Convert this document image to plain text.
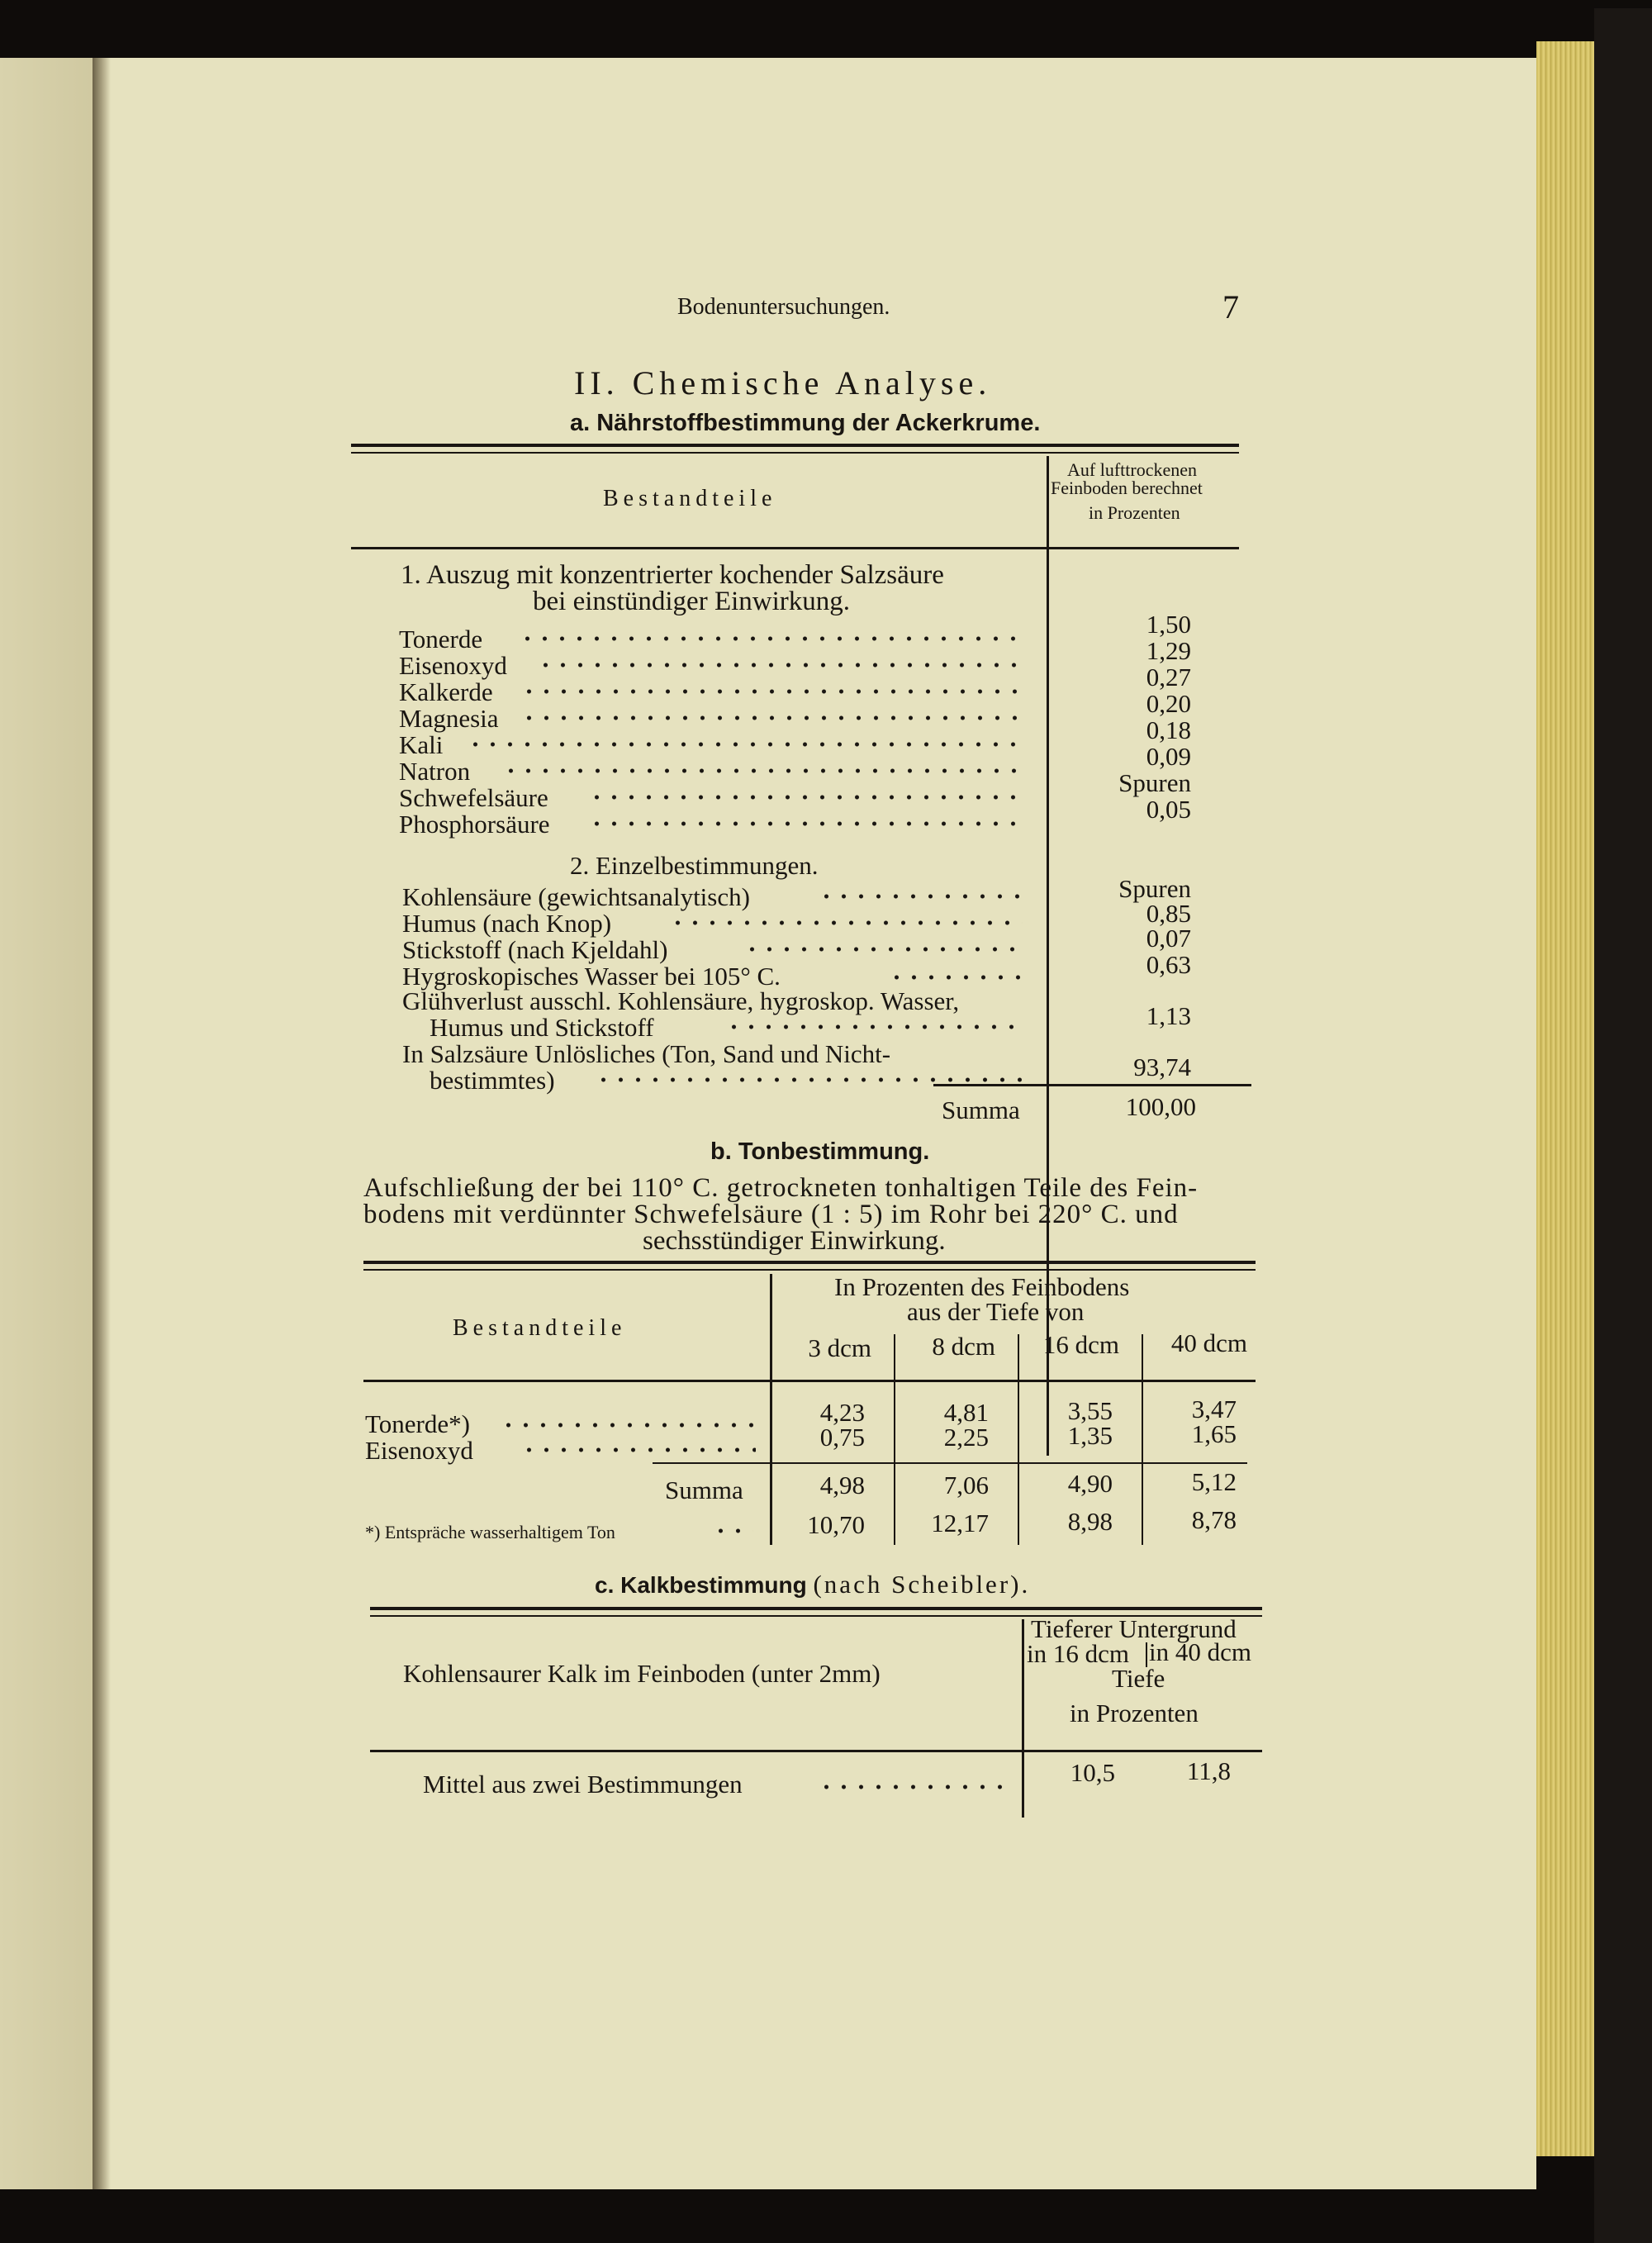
Bodenuntersuchungen.	7
II. Chemische Analyse.
a. Nährstoffbestimmung der Ackerkrume.
Bestandteile
Auf lufttrockenen
Feinboden berechnet
in Prozenten
1. Auszug mit konzentrierter kochender Salzsäure
bei einstündiger Einwirkung.
Tonerde
1,50
Eisenoxyd
1,29
Kalkerde
0,27
Magnesia
0,20
Kali
0,18
Natron
0,09
Schwefelsäure
Spuren
Phosphorsäure
0,05
2. Einzelbestimmungen.
Kohlensäure (gewichtsanalytisch)	Spuren
Humus (nach Knop)	0,85
Stickstoff (nach Kjeldahl)	0,07
Hygroskopisches Wasser bei 105° C.	0,63
Glühverlust ausschl. Kohlensäure, hygroskop. Wasser,
Humus und Stickstoff	1,13
In Salzsäure Unlösliches (Ton, Sand und Nicht-
bestimmtes)	93,74
Summa	100,00
b. Tonbestimmung.
Aufschließung der bei 110° C. getrockneten tonhaltigen Teile des Fein-
bodens mit verdünnter Schwefelsäure (1 : 5) im Rohr bei 220° C. und
sechsstündiger Einwirkung.
Bestandteile
In Prozenten des Feinbodens
aus der Tiefe von
3 dcm	8 dcm	16 dcm	40 dcm
Tonerde*)	4,23	4,81	3,55	3,47
Eisenoxyd	0,75	2,25	1,35	1,65
Summa	4,98	7,06	4,90	5,12
*) Entspräche wasserhaltigem Ton	10,70	12,17	8,98	8,78
c. Kalkbestimmung (nach Scheibler).
Kohlensaurer Kalk im Feinboden (unter 2mm)
Tieferer Untergrund
in 16 dcm in 40 dcm
Tiefe
in Prozenten
Mittel aus zwei Bestimmungen	10,5	11,8
